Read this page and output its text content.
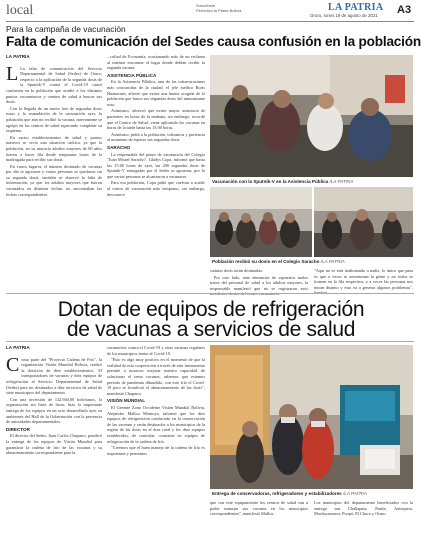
local	Suscríbete
Periódico la Patria Bolivia	LA PATRIA
Oruro, lunes 19 de agosto de 2021 A3
Para la campaña de vacunación
Falta de comunicación del Sedes causa confusión en la población
LA PATRIA
L La falta de comunicación del Servicio Departamental de Salud (Sedes) de Oruro, respecto a la aplicación de la segunda dosis de la Sputnik-V contra el Covid-19 causó confusión en la población que acudió a los distintos puntos vacunatorios y centros de salud a buscar sus dosis.

Con la llegada de un nuevo lote de segundas dosis rusas y la reanudación de la vacunación ayer, la población que aún no recibió la vacuna, nuevamente se agolpó en los centros de salud esperando completar su esquema.

En varios establecimientos de salud y puntos masivos se vivió una situación caótica, ya que la población, en su mayoría adultos mayores de 60 años fueron a hacer fila desde tempranas horas de la madrugada para recibir sus dosis.

En varios lugares, el número destinado de vacunas por día se agotaron y varias personas se quedaron sin su segunda dosis, también se observó la falta de información, ya que los adultos mayores que fueron vacunados en distintas fechas, no encontraban las fechas correspondientes.

...cultad de Economía, ocasionando más de un reclamo al intentar encontrar el lugar donde debían recibir la segunda vacuna.

ASISTENCIA PÚBLICA

En la Asistencia Pública, una de las infraestructuras más concurridas de la ciudad, el jefe médico Boris Huanacuni, afirmó que existe una buena acogida de la población que busca sus segundas dosis del inmunizante ruso.

Asimismo, observó que existe mayor asistencia de pacientes en horas de la mañana, sin embargo, recordó que el Centro de Salud, viene aplicando las vacunas en horas de la tarde hasta las 15:00 horas.

Asimismo, pidió a la población, tolerancia y paciencia al momento de esperar sus segundas dosis.

SARACHO

La responsable del punto de vacunación del Colegio "Juan Misael Saracho", Gladys Copa, informó que hasta las 15:00 horas de ayer, las 200 segundas dosis de Sputnik-V entregadas por el Sedes se agotaron, por lo que varias personas se alcanzaron a vacunarse.

Para esa población, Copa pidió que vuelvan a acudir al centro de vacunación más temprano, sin embargo, desconoce

Vacunación con la Sputnik-V en la Asistencia Pública /LA PATRIA
Población recibió su dosis en el Colegio Saracho /LA PATRIA

cuántas dosis serán destinadas.

Por otro lado, ante denuncias de supuestos malos tratos del personal de salud a los adultos mayores, la responsable manifestó que no se registraron esos

"Aquí no se está maltratando a nadie, lo único que pasa es que a veces se amontonan la gente y no todos se forman en la fila respectiva, y a veces las personas nos miran distinto y esto va a generar algunos problemas",

Dotan de equipos de refrigeración
de vacunas a servicios de salud
LA PATRIA
C omo parte del "Proyecto Cadena de Frío", la organización Visión Mundial Bolivia, realizó la dotación de diez establecimientos, 33 transportadores de vacunas y diez equipos de refrigeración al Servicio Departamental de Salud (Sedes) para ser destinados a diez servicios de salud de siete municipios del departamento.

Con una inversión de 132.940,00 bolivianos, la organización sin fines de lucro, hizo la importante entrega de los equipos en un acto desarrollado ayer en ambientes del Hall de la Gobernación con la presencia de autoridades departamentales.

DIRECTOR

El director del Sedes, Juan Carlos Chaparro, ponderó la entrega de los equipos de Visión Mundial para garantizar la cadena de frío de las vacunas y su almacenamiento correspondiente para la

vacunación contra el Covid-19 y otras vacunas regulares de los municipios frente al Covid-19.

"Esto es algo muy positivo en el momento de que la vialidad de esta cooperación a través de este instrumento permite a nosotros mejorar nuestra capacidad de solucionar el tema vacunas, sabemos que estamos periodo de pandemia difundido, con este frío el Covid-19 pero se fortaleció el almacenamiento de las dosis", manifestó Chaparro.

VISIÓN MUNDIAL

El Gerente Zona Occidente Visión Mundial Bolivia, Alejandro Mallcu Montoya, informó que los diez equipos de refrigeración conducirán en la conservación de las vacunas y serán destinados a los municipios de la región de las dosis en el área rural y los diez equipos establecidos, de controlar, consisten en equipos de refrigeración de la cadena de frío.

"Creemos que el buen manejo de la cadena de frío es importante y pensamos

Entrega de conservadoras, refrigeradores y estabilizadores /LA PATRIA

que con este equipamiento los centros de salud van a poder manejar sus vacunas en los municipios correspondientes", manifestó Mallcu.

Los municipios del departamento beneficiados con la entrega son Challapata, Pazña, Antequera, Machacamarca, Poopó, El Choro y Oruro.
